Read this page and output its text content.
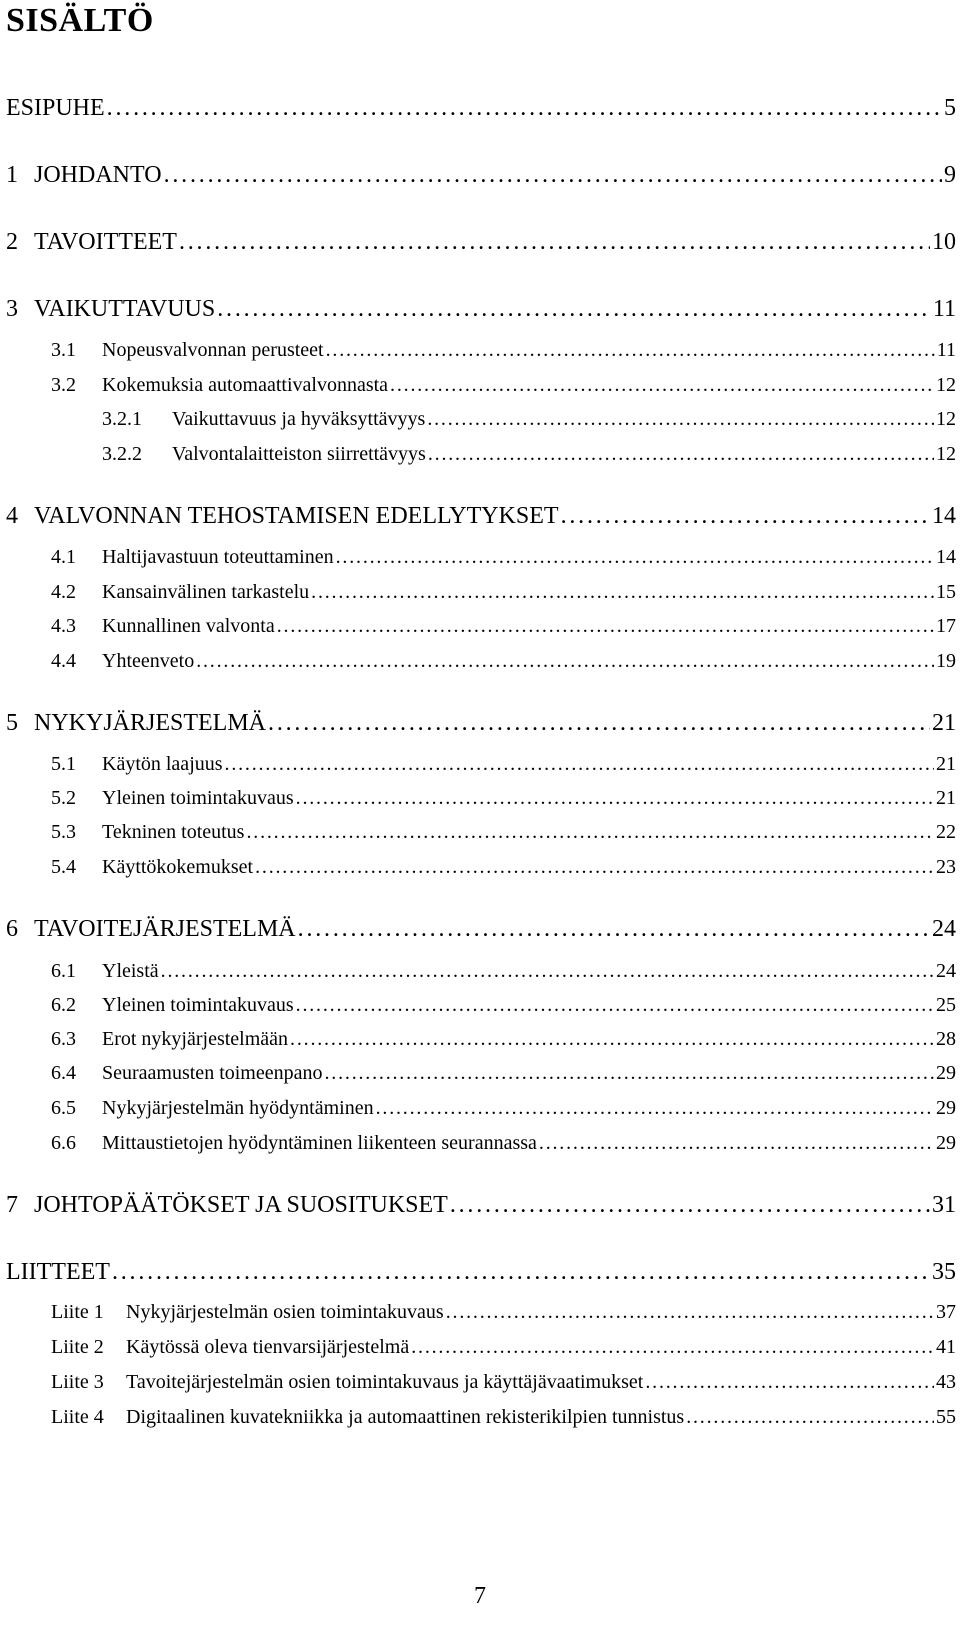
SISÄLTÖ
ESIPUHE . . .	5
1 JOHDANTO . . .	9
2 TAVOITTEET . . .	10
3 VAIKUTTAVUUS . . .	11
3.1	Nopeusvalvonnan perusteet . . .	11
3.2	Kokemuksia automaattivalvonnasta . . .	12
3.2.1	Vaikuttavuus ja hyväksyttävyys . . .	12
3.2.2	Valvontalaitteiston siirrettävyys . . .	12
4 VALVONNAN TEHOSTAMISEN EDELLYTYKSET . . .	14
4.1	Haltijavastuun toteuttaminen . . .	14
4.2	Kansainvälinen tarkastelu . . .	15
4.3	Kunnallinen valvonta . . .	17
4.4	Yhteenveto . . .	19
5 NYKYJÄRJESTELMÄ . . .	21
5.1	Käytön laajuus . . .	21
5.2	Yleinen toimintakuvaus . . .	21
5.3	Tekninen toteutus . . .	22
5.4	Käyttökokemukset . . .	23
6 TAVOITEJÄRJESTELMÄ . . .	24
6.1	Yleistä . . .	24
6.2	Yleinen toimintakuvaus . . .	25
6.3	Erot nykyjärjestelmään . . .	28
6.4	Seuraamusten toimeenpano . . .	29
6.5	Nykyjärjestelmän hyödyntäminen . . .	29
6.6	Mittaustietojen hyödyntäminen liikenteen seurannassa . . .	29
7 JOHTOPÄÄTÖKSET JA SUOSITUKSET . . .	31
LIITTEET . . .	35
Liite 1	Nykyjärjestelmän osien toimintakuvaus . . .	37
Liite 2	Käytössä oleva tienvarsijärjestelmä . . .	41
Liite 3	Tavoitejärjestelmän osien toimintakuvaus ja käyttäjävaatimukset . . .	43
Liite 4	Digitaalinen kuvatekniikka ja automaattinen rekisterikilpien tunnistus . . .	55
7
